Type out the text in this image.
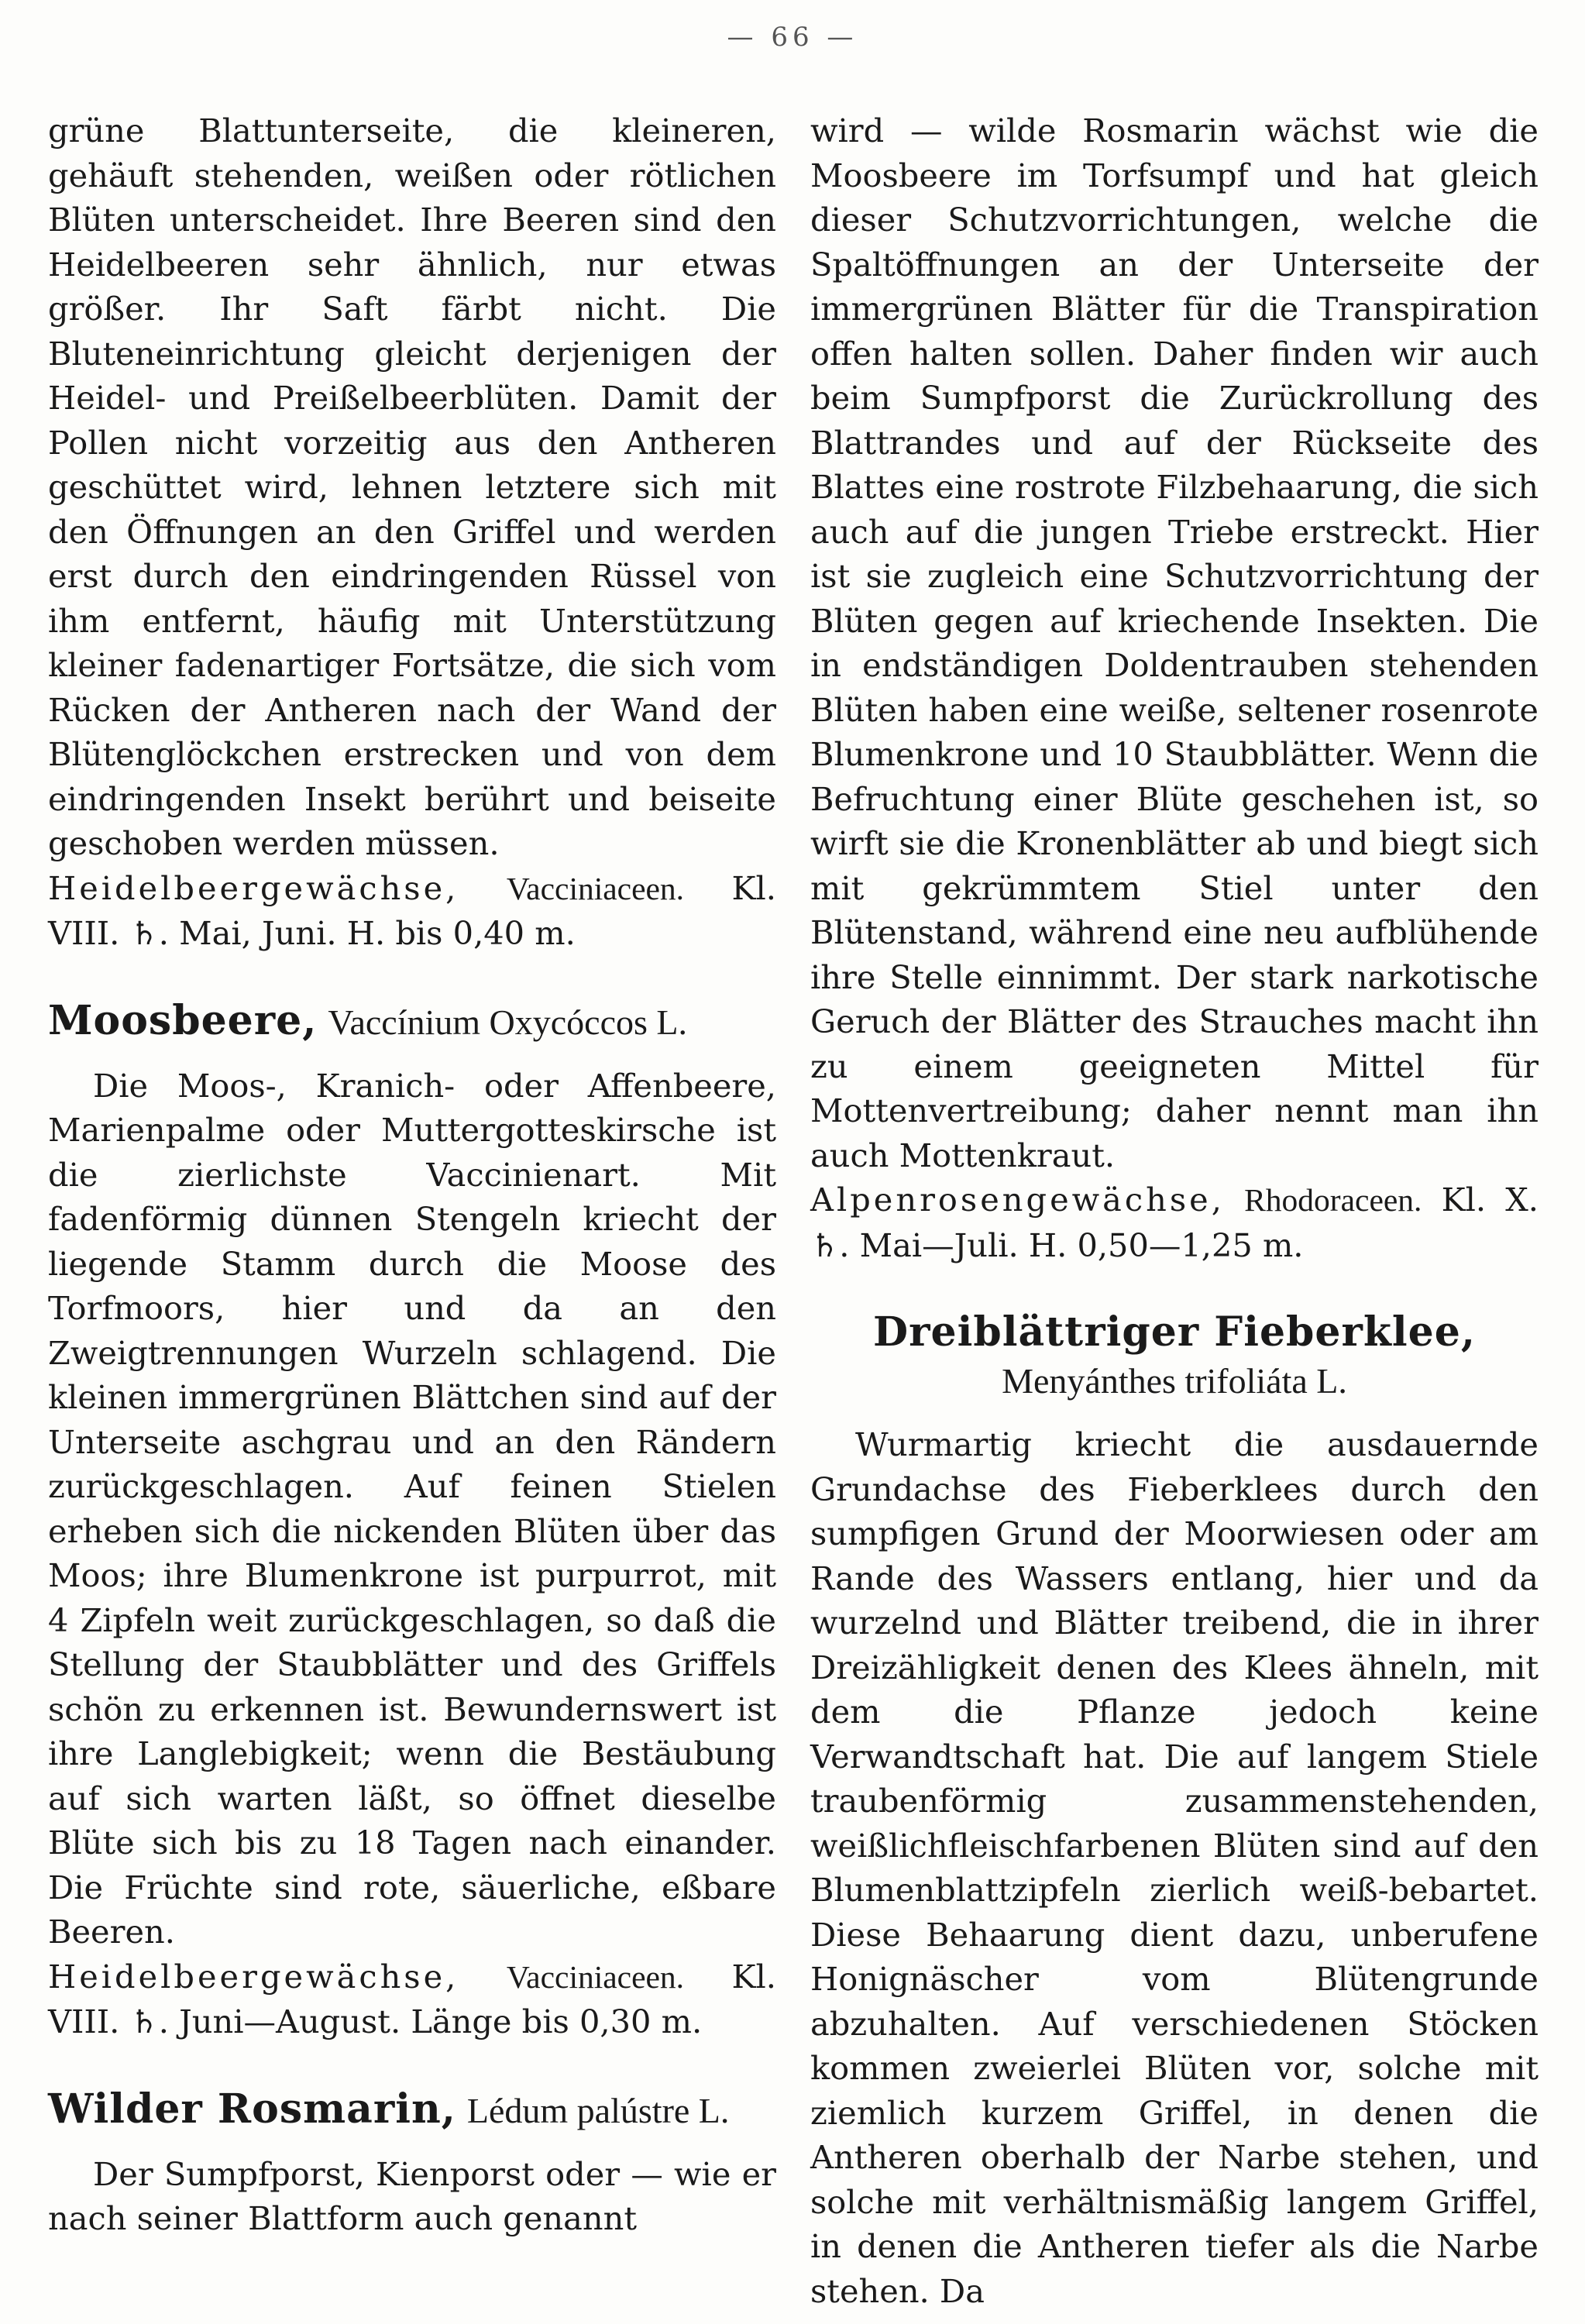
— 66 —

grüne Blattunterseite, die kleineren, gehäuft stehenden, weißen oder rötlichen Blüten unterscheidet. Ihre Beeren sind den Heidelbeeren sehr ähnlich, nur etwas größer. Ihr Saft färbt nicht. Die Bluteneinrichtung gleicht derjenigen der Heidel- und Preißelbeerblüten. Damit der Pollen nicht vorzeitig aus den Antheren geschüttet wird, lehnen letztere sich mit den Öffnungen an den Griffel und werden erst durch den eindringenden Rüssel von ihm entfernt, häufig mit Unterstützung kleiner fadenartiger Fortsätze, die sich vom Rücken der Antheren nach der Wand der Blütenglöckchen erstrecken und von dem eindringenden Insekt berührt und beiseite geschoben werden müssen.

Heidelbeergewächse, Vacciniaceen. Kl. VIII. ♄. Mai, Juni. H. bis 0,40 m.

Moosbeere, Vaccínium Oxycóccos L.

Die Moos-, Kranich- oder Affenbeere, Marienpalme oder Muttergotteskirsche ist die zierlichste Vaccinienart. Mit fadenförmig dünnen Stengeln kriecht der liegende Stamm durch die Moose des Torfmoors, hier und da an den Zweigtrennungen Wurzeln schlagend. Die kleinen immergrünen Blättchen sind auf der Unterseite aschgrau und an den Rändern zurückgeschlagen. Auf feinen Stielen erheben sich die nickenden Blüten über das Moos; ihre Blumenkrone ist purpurrot, mit 4 Zipfeln weit zurückgeschlagen, so daß die Stellung der Staubblätter und des Griffels schön zu erkennen ist. Bewundernswert ist ihre Langlebigkeit; wenn die Bestäubung auf sich warten läßt, so öffnet dieselbe Blüte sich bis zu 18 Tagen nach einander. Die Früchte sind rote, säuerliche, eßbare Beeren.

Heidelbeergewächse, Vacciniaceen. Kl. VIII. ♄. Juni—August. Länge bis 0,30 m.

Wilder Rosmarin, Lédum palústre L.

Der Sumpfporst, Kienporst oder — wie er nach seiner Blattform auch genannt

wird — wilde Rosmarin wächst wie die Moosbeere im Torfsumpf und hat gleich dieser Schutzvorrichtungen, welche die Spaltöffnungen an der Unterseite der immergrünen Blätter für die Transpiration offen halten sollen. Daher finden wir auch beim Sumpfporst die Zurückrollung des Blattrandes und auf der Rückseite des Blattes eine rostrote Filzbehaarung, die sich auch auf die jungen Triebe erstreckt. Hier ist sie zugleich eine Schutzvorrichtung der Blüten gegen auf kriechende Insekten. Die in endständigen Doldentrauben stehenden Blüten haben eine weiße, seltener rosenrote Blumenkrone und 10 Staubblätter. Wenn die Befruchtung einer Blüte geschehen ist, so wirft sie die Kronenblätter ab und biegt sich mit gekrümmtem Stiel unter den Blütenstand, während eine neu aufblühende ihre Stelle einnimmt. Der stark narkotische Geruch der Blätter des Strauches macht ihn zu einem geeigneten Mittel für Mottenvertreibung; daher nennt man ihn auch Mottenkraut.

Alpenrosengewächse, Rhodoraceen. Kl. X. ♄. Mai—Juli. H. 0,50—1,25 m.

Dreiblättriger Fieberklee, Menyánthes trifoliáta L.

Wurmartig kriecht die ausdauernde Grundachse des Fieberklees durch den sumpfigen Grund der Moorwiesen oder am Rande des Wassers entlang, hier und da wurzelnd und Blätter treibend, die in ihrer Dreizähligkeit denen des Klees ähneln, mit dem die Pflanze jedoch keine Verwandtschaft hat. Die auf langem Stiele traubenförmig zusammenstehenden, weißlichfleischfarbenen Blüten sind auf den Blumenblattzipfeln zierlich weiß-bebartet. Diese Behaarung dient dazu, unberufene Honignäscher vom Blütengrunde abzuhalten. Auf verschiedenen Stöcken kommen zweierlei Blüten vor, solche mit ziemlich kurzem Griffel, in denen die Antheren oberhalb der Narbe stehen, und solche mit verhältnismäßig langem Griffel, in denen die Antheren tiefer als die Narbe stehen. Da
